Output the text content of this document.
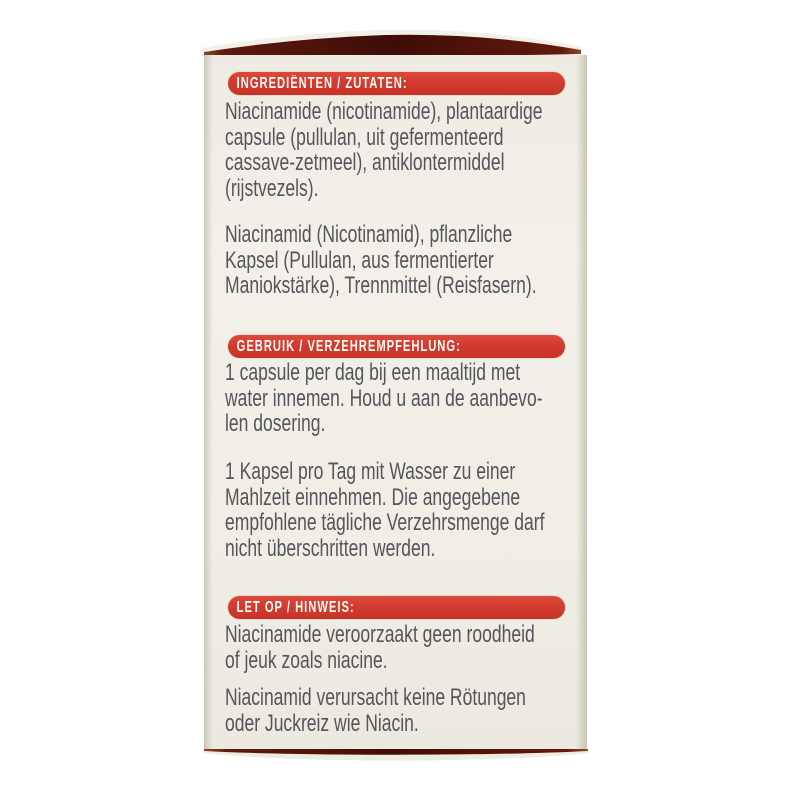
INGREDIËNTEN / ZUTATEN:
Niacinamide (nicotinamide), plantaardige
capsule (pullulan, uit gefermenteerd
cassave-zetmeel), antiklontermiddel
(rijstvezels).
Niacinamid (Nicotinamid), pflanzliche
Kapsel (Pullulan, aus fermentierter
Maniokstärke), Trennmittel (Reisfasern).
GEBRUIK / VERZEHREMPFEHLUNG:
1 capsule per dag bij een maaltijd met
water innemen. Houd u aan de aanbevo-
len dosering.
1 Kapsel pro Tag mit Wasser zu einer
Mahlzeit einnehmen. Die angegebene
empfohlene tägliche Verzehrsmenge darf
nicht überschritten werden.
LET OP / HINWEIS:
Niacinamide veroorzaakt geen roodheid
of jeuk zoals niacine.
Niacinamid verursacht keine Rötungen
oder Juckreiz wie Niacin.
